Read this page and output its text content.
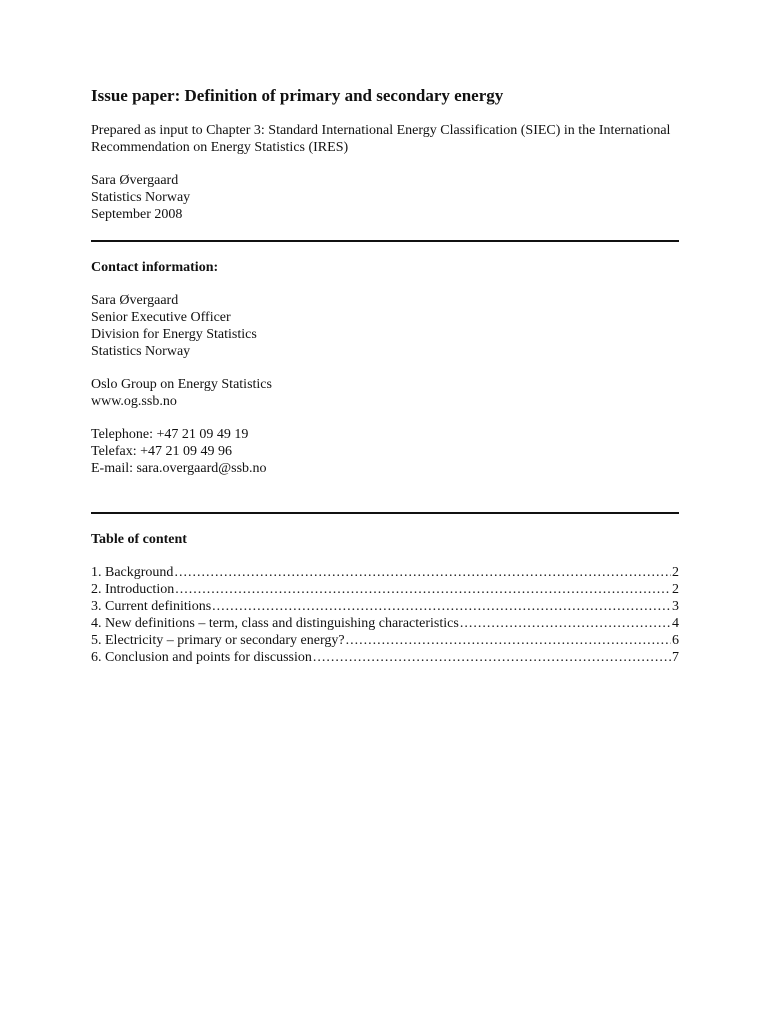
Issue paper: Definition of primary and secondary energy
Prepared as input to Chapter 3: Standard International Energy Classification (SIEC) in the International Recommendation on Energy Statistics (IRES)
Sara Øvergaard
Statistics Norway
September 2008
Contact information:
Sara Øvergaard
Senior Executive Officer
Division for Energy Statistics
Statistics Norway
Oslo Group on Energy Statistics
www.og.ssb.no
Telephone: +47 21 09 49 19
Telefax: +47 21 09 49 96
E-mail: sara.overgaard@ssb.no
Table of content
1. Background .....	2
2. Introduction .....	2
3. Current definitions .....	3
4. New definitions – term, class and distinguishing characteristics .....	4
5. Electricity – primary or secondary energy? .....	6
6. Conclusion and points for discussion .....	7
